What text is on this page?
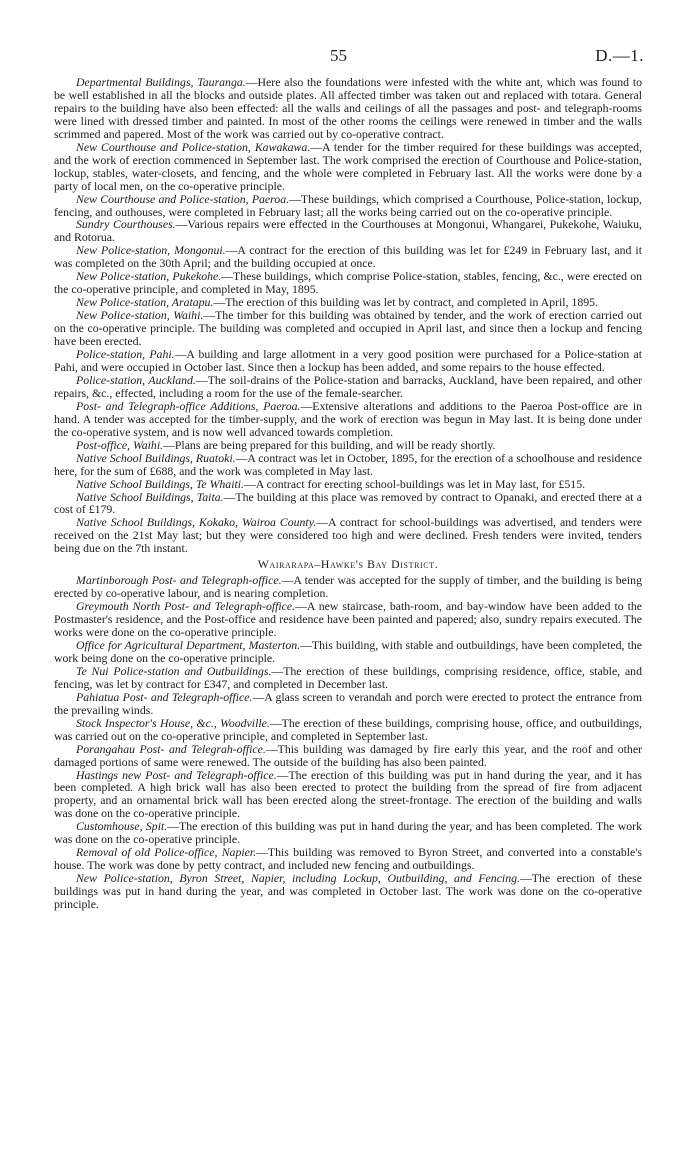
55	D.—1.

Departmental Buildings, Tauranga.—Here also the foundations were infested with the white ant, which was found to be well established in all the blocks and outside plates. All affected timber was taken out and replaced with totara. General repairs to the building have also been effected: all the walls and ceilings of all the passages and post- and telegraph-rooms were lined with dressed timber and painted. In most of the other rooms the ceilings were renewed in timber and the walls scrimmed and papered. Most of the work was carried out by co-operative contract.

New Courthouse and Police-station, Kawakawa.—A tender for the timber required for these buildings was accepted, and the work of erection commenced in September last. The work comprised the erection of Courthouse and Police-station, lockup, stables, water-closets, and fencing, and the whole were completed in February last. All the works were done by a party of local men, on the co-operative principle.

New Courthouse and Police-station, Paeroa.—These buildings, which comprised a Courthouse, Police-station, lockup, fencing, and outhouses, were completed in February last; all the works being carried out on the co-operative principle.

Sundry Courthouses.—Various repairs were effected in the Courthouses at Mongonui, Whangarei, Pukekohe, Waiuku, and Rotorua.

New Police-station, Mongonui.—A contract for the erection of this building was let for £249 in February last, and it was completed on the 30th April; and the building occupied at once.

New Police-station, Pukekohe.—These buildings, which comprise Police-station, stables, fencing, &c., were erected on the co-operative principle, and completed in May, 1895.

New Police-station, Aratapu.—The erection of this building was let by contract, and completed in April, 1895.

New Police-station, Waihi.—The timber for this building was obtained by tender, and the work of erection carried out on the co-operative principle. The building was completed and occupied in April last, and since then a lockup and fencing have been erected.

Police-station, Pahi.—A building and large allotment in a very good position were purchased for a Police-station at Pahi, and were occupied in October last. Since then a lockup has been added, and some repairs to the house effected.

Police-station, Auckland.—The soil-drains of the Police-station and barracks, Auckland, have been repaired, and other repairs, &c., effected, including a room for the use of the female-searcher.

Post- and Telegraph-office Additions, Paeroa.—Extensive alterations and additions to the Paeroa Post-office are in hand. A tender was accepted for the timber-supply, and the work of erection was begun in May last. It is being done under the co-operative system, and is now well advanced towards completion.

Post-office, Waihi.—Plans are being prepared for this building, and will be ready shortly.

Native School Buildings, Ruatoki.—A contract was let in October, 1895, for the erection of a schoolhouse and residence here, for the sum of £688, and the work was completed in May last.

Native School Buildings, Te Whaiti.—A contract for erecting school-buildings was let in May last, for £515.

Native School Buildings, Taita.—The building at this place was removed by contract to Opanaki, and erected there at a cost of £179.

Native School Buildings, Kokako, Wairoa County.—A contract for school-buildings was advertised, and tenders were received on the 21st May last; but they were considered too high and were declined. Fresh tenders were invited, tenders being due on the 7th instant.

Wairarapa–Hawke's Bay District.

Martinborough Post- and Telegraph-office.—A tender was accepted for the supply of timber, and the building is being erected by co-operative labour, and is nearing completion.

Greymouth North Post- and Telegraph-office.—A new staircase, bath-room, and bay-window have been added to the Postmaster's residence, and the Post-office and residence have been painted and papered; also, sundry repairs executed. The works were done on the co-operative principle.

Office for Agricultural Department, Masterton.—This building, with stable and outbuildings, have been completed, the work being done on the co-operative principle.

Te Nui Police-station and Outbuildings.—The erection of these buildings, comprising residence, office, stable, and fencing, was let by contract for £347, and completed in December last.

Pahiatua Post- and Telegraph-office.—A glass screen to verandah and porch were erected to protect the entrance from the prevailing winds.

Stock Inspector's House, &c., Woodville.—The erection of these buildings, comprising house, office, and outbuildings, was carried out on the co-operative principle, and completed in September last.

Porangahau Post- and Telegrah-office.—This building was damaged by fire early this year, and the roof and other damaged portions of same were renewed. The outside of the building has also been painted.

Hastings new Post- and Telegraph-office.—The erection of this building was put in hand during the year, and it has been completed. A high brick wall has also been erected to protect the building from the spread of fire from adjacent property, and an ornamental brick wall has been erected along the street-frontage. The erection of the building and walls was done on the co-operative principle.

Customhouse, Spit.—The erection of this building was put in hand during the year, and has been completed. The work was done on the co-operative principle.

Removal of old Police-office, Napier.—This building was removed to Byron Street, and converted into a constable's house. The work was done by petty contract, and included new fencing and outbuildings.

New Police-station, Byron Street, Napier, including Lockup, Outbuilding, and Fencing.—The erection of these buildings was put in hand during the year, and was completed in October last. The work was done on the co-operative principle.
